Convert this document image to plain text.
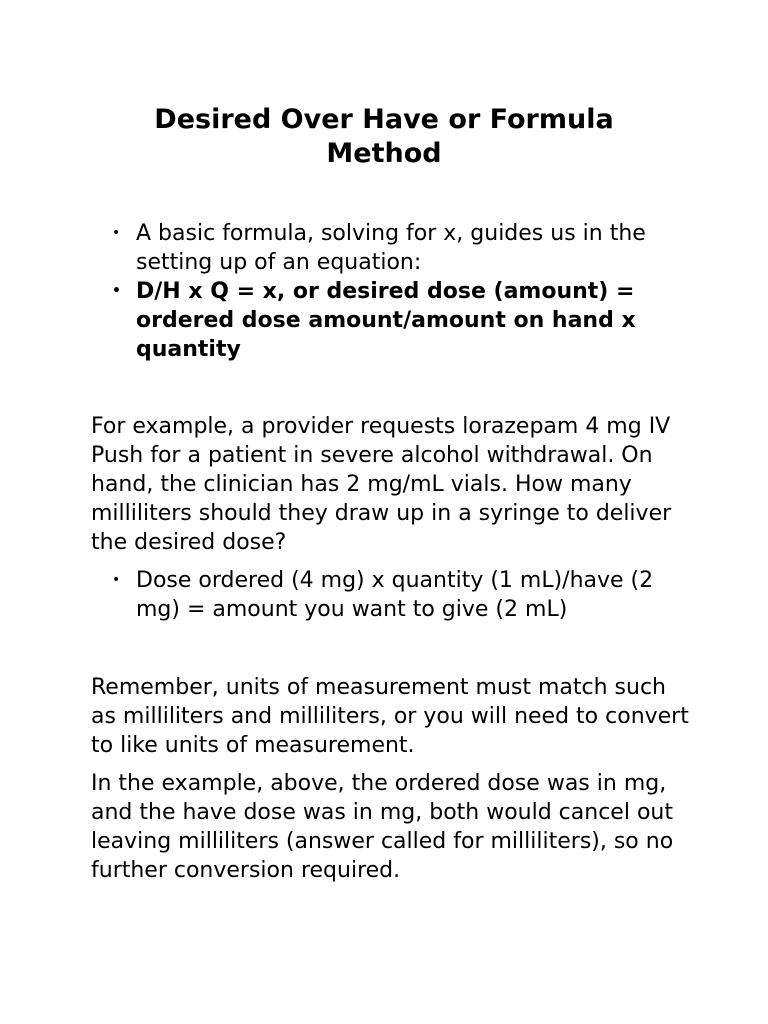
Desired Over Have or Formula Method
• A basic formula, solving for x, guides us in the setting up of an equation:
• D/H x Q = x, or desired dose (amount) = ordered dose amount/amount on hand x quantity

For example, a provider requests lorazepam 4 mg IV Push for a patient in severe alcohol withdrawal. On hand, the clinician has 2 mg/mL vials. How many milliliters should they draw up in a syringe to deliver the desired dose?

• Dose ordered (4 mg) x quantity (1 mL)/have (2 mg) = amount you want to give (2 mL)

Remember, units of measurement must match such as milliliters and milliliters, or you will need to convert to like units of measurement.

In the example, above, the ordered dose was in mg, and the have dose was in mg, both would cancel out leaving milliliters (answer called for milliliters), so no further conversion required.
